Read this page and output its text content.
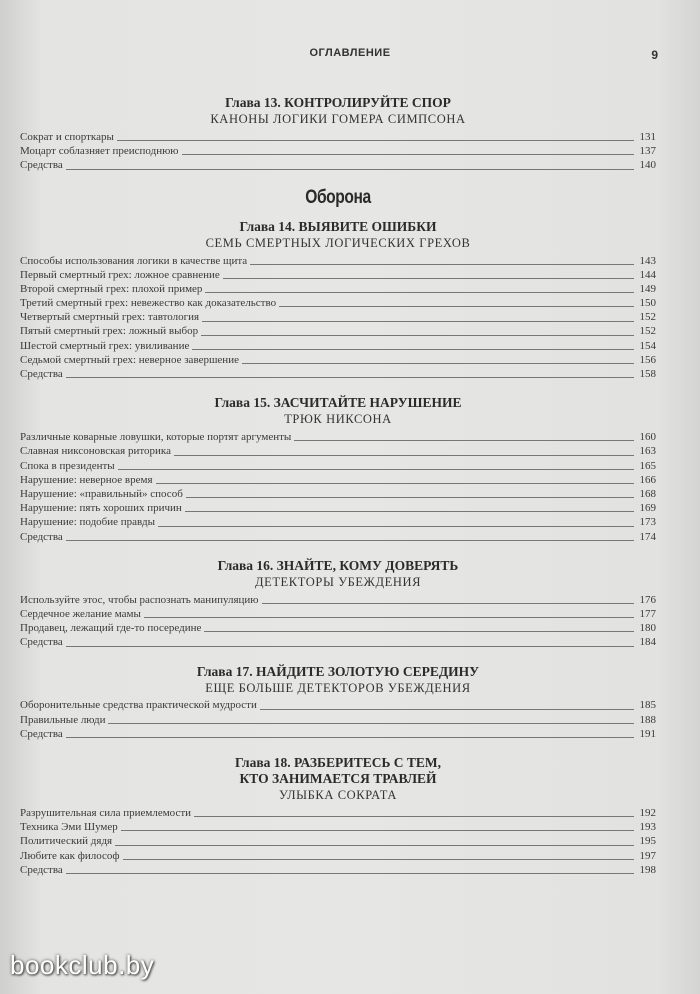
ОГЛАВЛЕНИЕ	9
Глава 13. КОНТРОЛИРУЙТЕ СПОР
КАНОНЫ ЛОГИКИ ГОМЕРА СИМПСОНА
Сократ и спорткары	131
Моцарт соблазняет преисподнюю	137
Средства	140
Оборона
Глава 14. ВЫЯВИТЕ ОШИБКИ
СЕМЬ СМЕРТНЫХ ЛОГИЧЕСКИХ ГРЕХОВ
Способы использования логики в качестве щита	143
Первый смертный грех: ложное сравнение	144
Второй смертный грех: плохой пример	149
Третий смертный грех: невежество как доказательство	150
Четвертый смертный грех: тавтология	152
Пятый смертный грех: ложный выбор	152
Шестой смертный грех: увиливание	154
Седьмой смертный грех: неверное завершение	156
Средства	158
Глава 15. ЗАСЧИТАЙТЕ НАРУШЕНИЕ
ТРЮК НИКСОНА
Различные коварные ловушки, которые портят аргументы	160
Славная никсоновская риторика	163
Спока в президенты	165
Нарушение: неверное время	166
Нарушение: «правильный» способ	168
Нарушение: пять хороших причин	169
Нарушение: подобие правды	173
Средства	174
Глава 16. ЗНАЙТЕ, КОМУ ДОВЕРЯТЬ
ДЕТЕКТОРЫ УБЕЖДЕНИЯ
Используйте этос, чтобы распознать манипуляцию	176
Сердечное желание мамы	177
Продавец, лежащий где-то посередине	180
Средства	184
Глава 17. НАЙДИТЕ ЗОЛОТУЮ СЕРЕДИНУ
ЕЩЕ БОЛЬШЕ ДЕТЕКТОРОВ УБЕЖДЕНИЯ
Оборонительные средства практической мудрости	185
Правильные люди	188
Средства	191
Глава 18. РАЗБЕРИТЕСЬ С ТЕМ,
КТО ЗАНИМАЕТСЯ ТРАВЛЕЙ
УЛЫБКА СОКРАТА
Разрушительная сила приемлемости	192
Техника Эми Шумер	193
Политический дядя	195
Любите как философ	197
Средства	198
bookclub.by
